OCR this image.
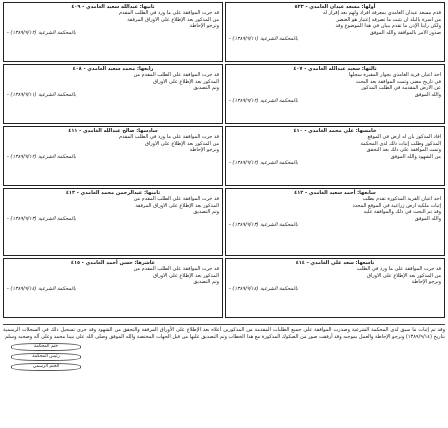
أولها: مسعد عيدان الغامدي - ٥٢٣
قدم مسعد عيدان الغامدي بمعرفة أفراد ولهم بعد إقرار له
من أسرة بالبلد أن يثبت ما تصرفه إعتبار هو العنصر
ولكن رأينا الإذن ما تقدم ببيان في هذا الموضوع وقد
صدور الأمر بالموافقة والله الموفق
- (١٣٨٩/٩/١١) بالمحكمة الشرعية
ثانيها: عبدالله سعيد الغامدي - ٤٠٩
قد جرت الموافقة على ما ورد في الطلب المقدم
من المذكور بعد الإطلاع على الأوراق المرفقة
ونرجو الإحاطة
- (١٣٨٩/٩/١٢) بالمحكمة الشرعية
ثالثها: سعيد عبدالله الغامدي - ٤٠٧
أحد أعيان قرية الغامدي بجوار المقبرة سجلها
في تاريخ مضى وتمت الموافقة بعد البحث
عن الأرض المقدمة في الطلب المذكور
والله الموفق
- (١٣٨٩/٩/١٢) بالمحكمة الشرعية
رابعها: محمد سعيد الغامدي - ٤٠٨
قد جرت الموافقة على الطلب المقدم من
المذكور بعد الإطلاع على الأوراق
وتم التصديق
- (١٣٨٩/٩/١١) بالمحكمة الشرعية
خامسها: علي محمد الغامدي - ٤١٠
أفاد المذكور بأن له أرض في الموقع
المذكور وطلب إثبات ذلك لدى المحكمة
وتمت الموافقة على ذلك بعد التحقق
من الشهود والله الموفق
- (١٣٨٩/٩/١٢) بالمحكمة الشرعية
سادسها: صالح عبدالله الغامدي - ٤١١
قد جرت الموافقة على ما ورد في الطلب المقدم
من المذكور بعد الإطلاع على الأوراق
ونرجو الإحاطة
- (١٣٨٩/٩/١٢) بالمحكمة الشرعية
سابعها: أحمد سعيد الغامدي - ٤١٢
أحد أعيان القرية المذكورة تقدم بطلب
إثبات ملكية أرض زراعية في الموقع المحدد
وقد تم البحث في ذلك والموافقة عليه
والله الموفق
- (١٣٨٩/٩/١٣) بالمحكمة الشرعية
ثامنها: عبدالرحمن محمد الغامدي - ٤١٣
قد جرت الموافقة على الطلب المقدم من
المذكور بعد الإطلاع على الأوراق المرفقة
وتم التصديق
- (١٣٨٩/٩/١٣) بالمحكمة الشرعية
تاسعها: سعد علي الغامدي - ٤١٤
قد جرت الموافقة على ما ورد في الطلب
من المذكور بعد الإطلاع على الأوراق
ونرجو الإحاطة
- (١٣٨٩/٩/١٤) بالمحكمة الشرعية
عاشرها: حسن أحمد الغامدي - ٤١٥
قد جرت الموافقة على الطلب المقدم من
المذكور بعد الإطلاع على الأوراق
وتم التصديق
- (١٣٨٩/٩/١٤) بالمحكمة الشرعية
وقد تم إثبات ما سبق لدى المحكمة الشرعية وصدرت الموافقة على جميع الطلبات المقدمة من المذكورين أعلاه بعد الإطلاع على الأوراق المرفقة والتحقق من الشهود وقد جرى تسجيل ذلك في السجلات الرسمية بتاريخ (١٣٨٩/٩/١٤) ونرجو الإحاطة والعمل بموجبه وقد أرفقت صور من الصكوك المذكورة مع هذا الخطاب وتم التصديق عليها من قبل الجهات المختصة والله الموفق وصلى الله على نبينا محمد وعلى آله وصحبه وسلم
ختم المحكمة
رئيس المحكمة
الختم الرسمي
